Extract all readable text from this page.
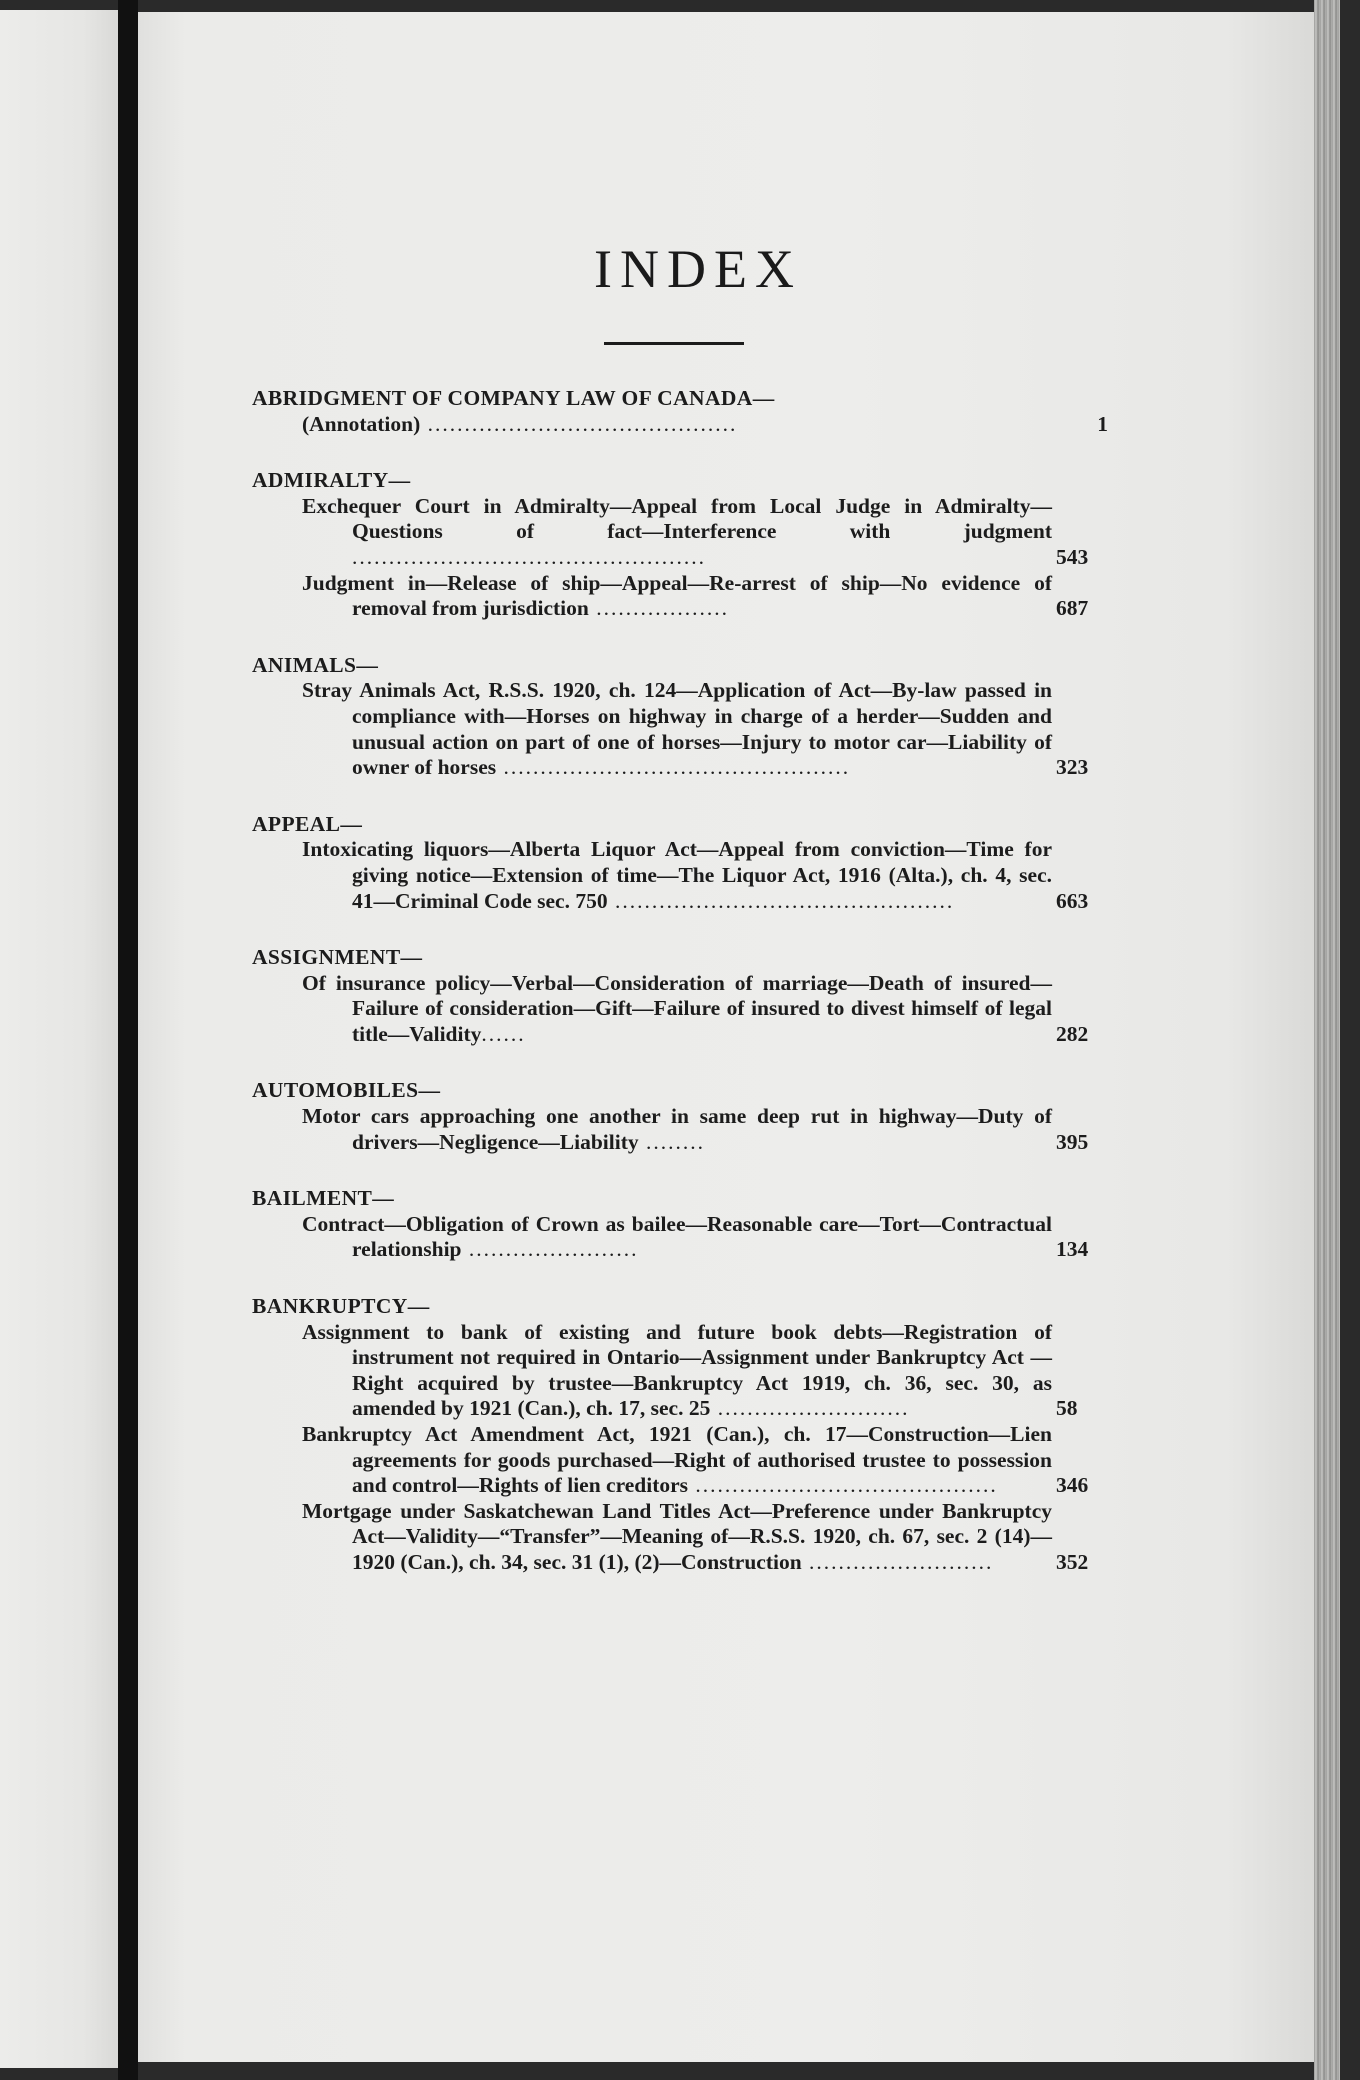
INDEX
ABRIDGMENT OF COMPANY LAW OF CANADA—
(Annotation) ..........................................	1
ADMIRALTY—
Exchequer Court in Admiralty—Appeal from Local Judge in Admiralty—Questions of fact—Interference with judgment ................................................	543
Judgment in—Release of ship—Appeal—Re-arrest of ship—No evidence of removal from jurisdiction ..................	687
ANIMALS—
Stray Animals Act, R.S.S. 1920, ch. 124—Application of Act—By-law passed in compliance with—Horses on highway in charge of a herder—Sudden and unusual action on part of one of horses—Injury to motor car—Liability of owner of horses ...............................................	323
APPEAL—
Intoxicating liquors—Alberta Liquor Act—Appeal from conviction—Time for giving notice—Extension of time—The Liquor Act, 1916 (Alta.), ch. 4, sec. 41—Criminal Code sec. 750 ..............................................	663
ASSIGNMENT—
Of insurance policy—Verbal—Consideration of marriage—Death of insured—Failure of consideration—Gift—Failure of insured to divest himself of legal title—Validity......	282
AUTOMOBILES—
Motor cars approaching one another in same deep rut in highway—Duty of drivers—Negligence—Liability ........	395
BAILMENT—
Contract—Obligation of Crown as bailee—Reasonable care—Tort—Contractual relationship .......................	134
BANKRUPTCY—
Assignment to bank of existing and future book debts—Registration of instrument not required in Ontario—Assignment under Bankruptcy Act — Right acquired by trustee—Bankruptcy Act 1919, ch. 36, sec. 30, as amended by 1921 (Can.), ch. 17, sec. 25 ..........................	58
Bankruptcy Act Amendment Act, 1921 (Can.), ch. 17—Construction—Lien agreements for goods purchased—Right of authorised trustee to possession and control—Rights of lien creditors .........................................	346
Mortgage under Saskatchewan Land Titles Act—Preference under Bankruptcy Act—Validity—“Transfer”—Meaning of—R.S.S. 1920, ch. 67, sec. 2 (14)—1920 (Can.), ch. 34, sec. 31 (1), (2)—Construction .........................	352
